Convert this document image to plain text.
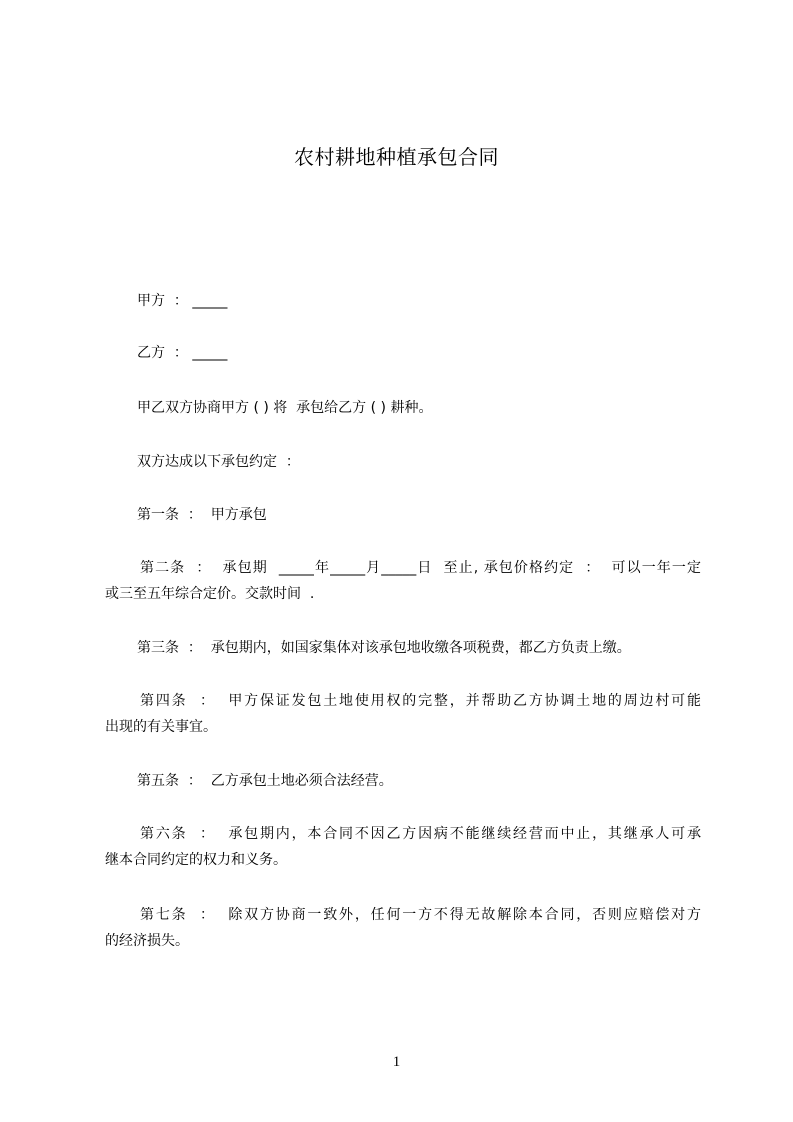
农村耕地种植承包合同
甲方  ： _____
乙方  ： _____
甲乙双方协商甲方 ( ) 将  承包给乙方 ( ) 耕种。
双方达成以下承包约定  ：
第一条  ：  甲方承包
第二条  ：  承包期  _____年_____月_____日  至止, 承包价格约定  ：  可以一年一定
或三至五年综合定价。交款时间  .
第三条  ：  承包期内，如国家集体对该承包地收缴各项税费，都乙方负责上缴。
第四条  ：  甲方保证发包土地使用权的完整，并帮助乙方协调土地的周边村可能
出现的有关事宜。
第五条  ：  乙方承包土地必须合法经营。
第六条  ：  承包期内，本合同不因乙方因病不能继续经营而中止，其继承人可承
继本合同约定的权力和义务。
第七条  ：  除双方协商一致外，任何一方不得无故解除本合同，否则应赔偿对方
的经济损失。
1
